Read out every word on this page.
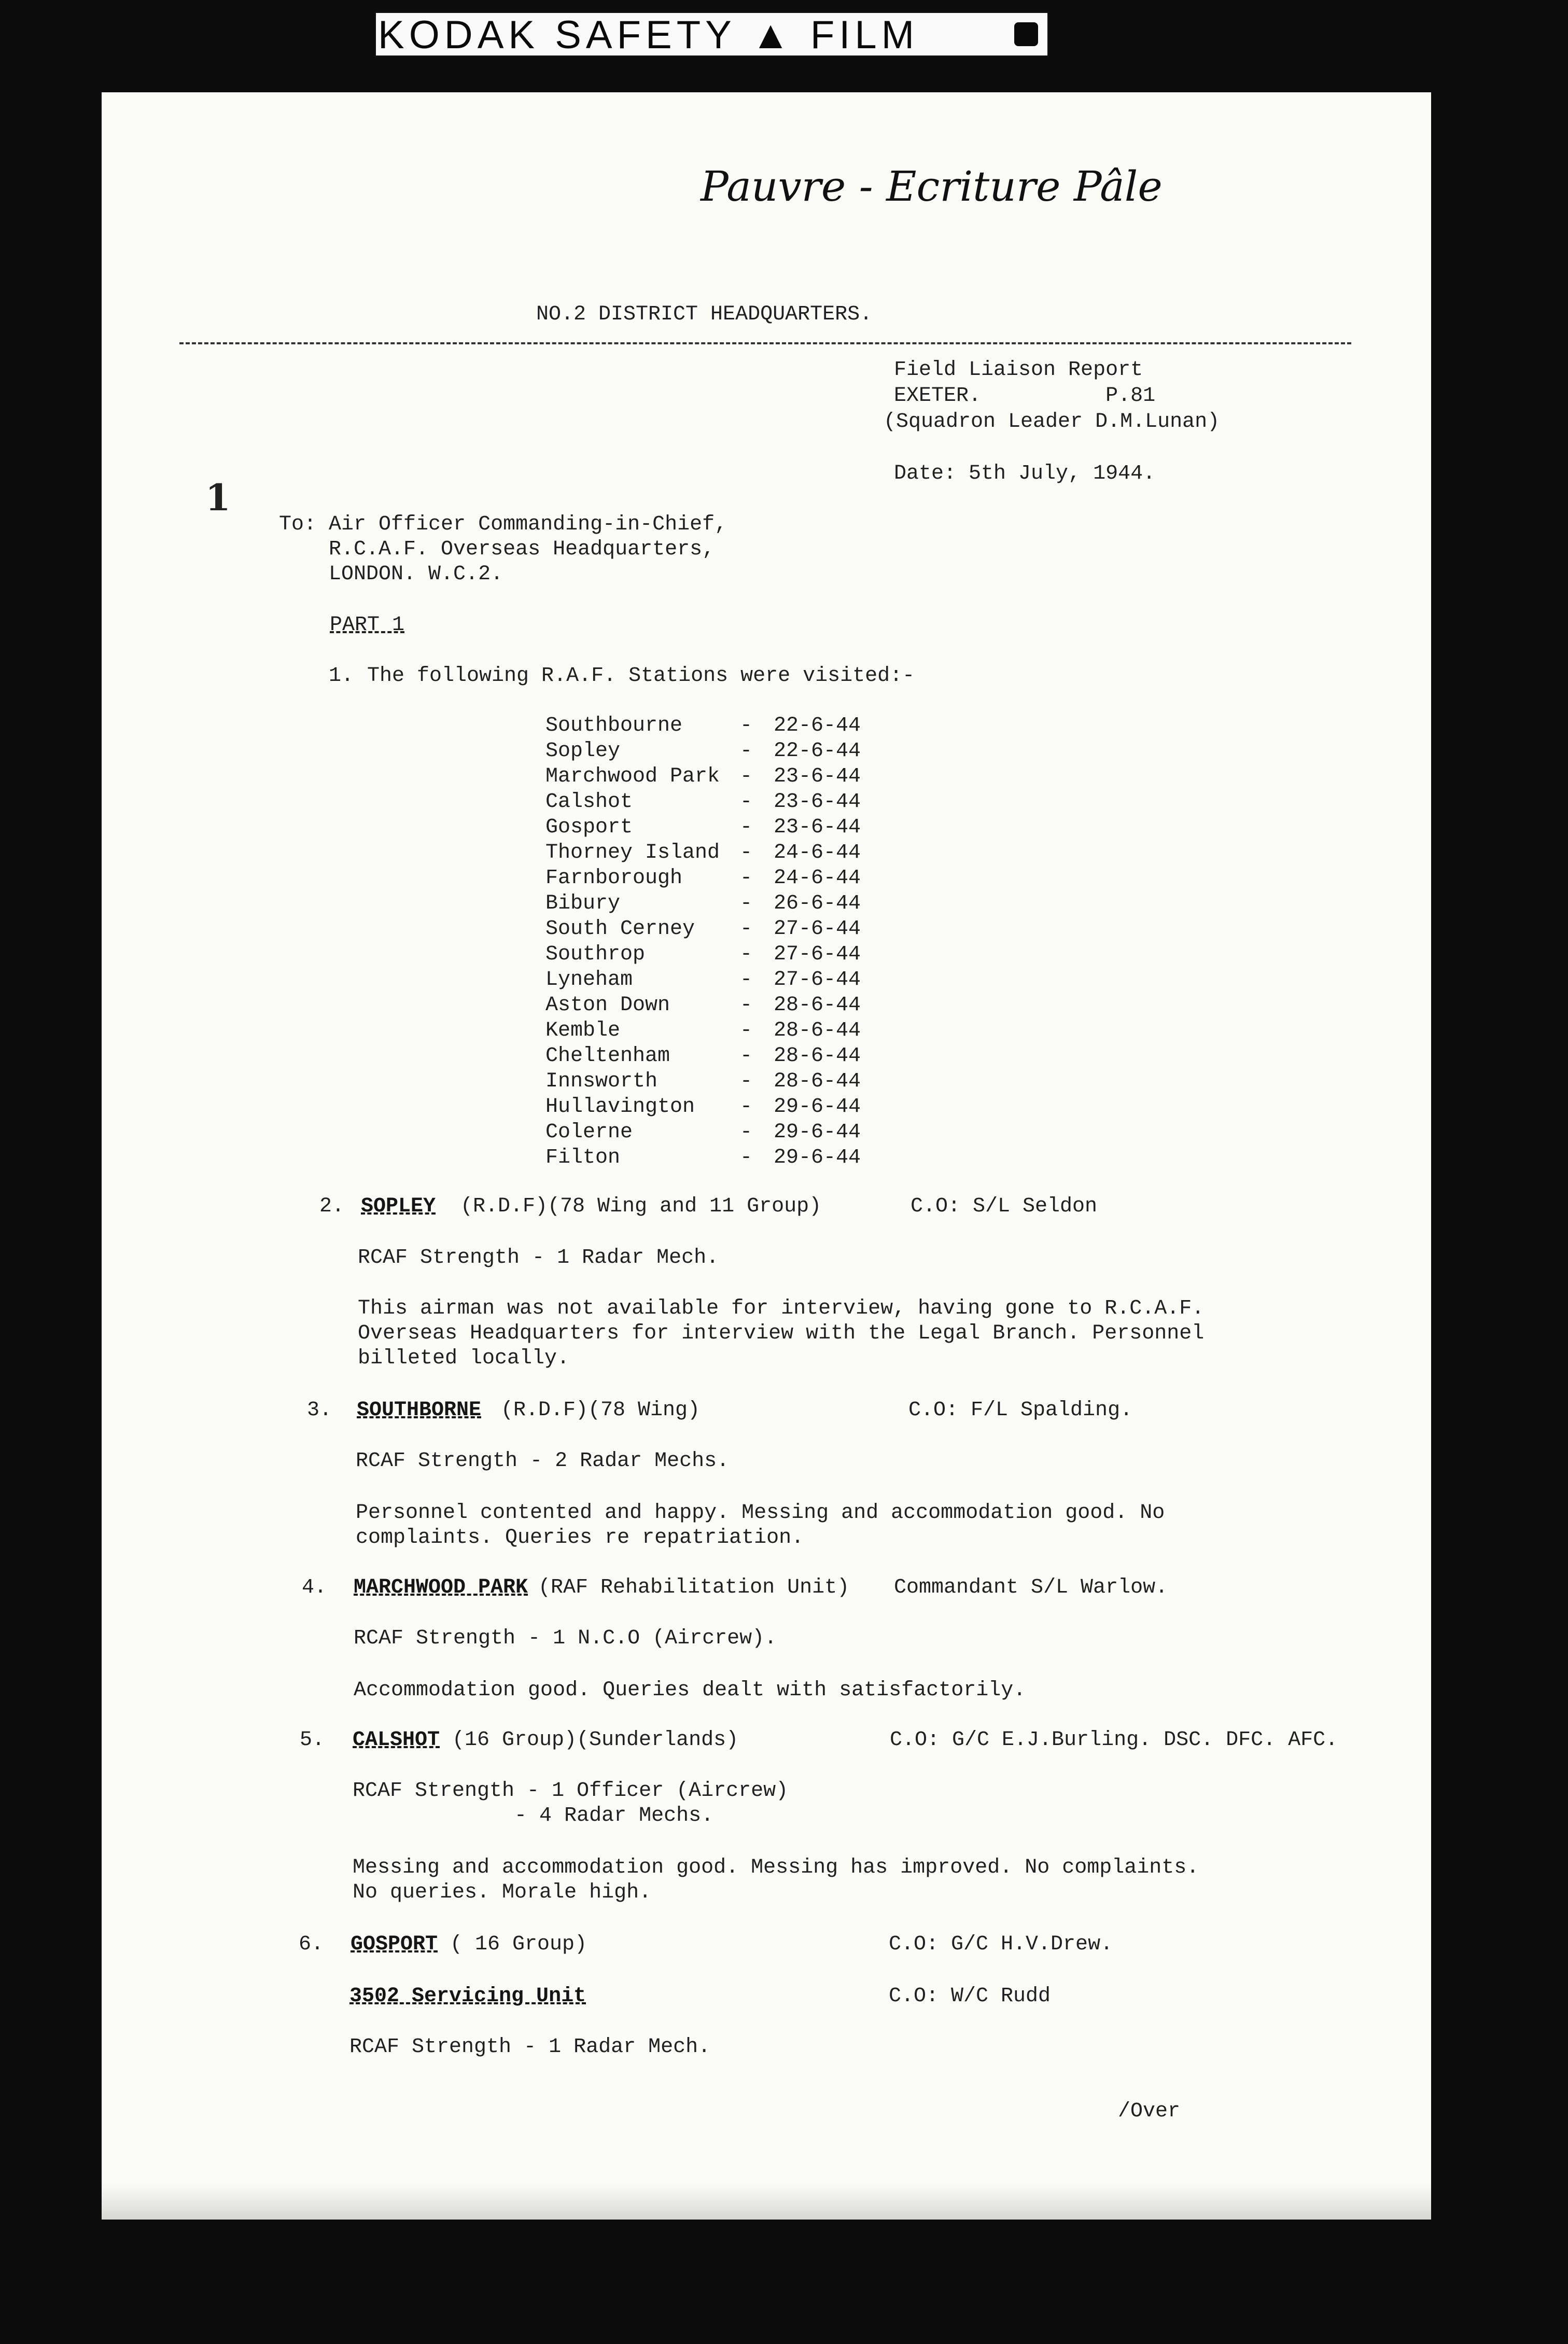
KODAK SAFETY ▲ FILM
Pauvre - Ecriture Pâle
NO.2 DISTRICT HEADQUARTERS.
1
Field Liaison Report
EXETER.          P.81
(Squadron Leader D.M.Lunan)
Date: 5th July, 1944.
To: Air Officer Commanding-in-Chief,
R.C.A.F. Overseas Headquarters,
LONDON. W.C.2.
PART 1
1. The following R.A.F. Stations were visited:-
Southbourne	- 22-6-44
Sopley	- 22-6-44
Marchwood Park - 23-6-44
Calshot	- 23-6-44
Gosport	- 23-6-44
Thorney Island - 24-6-44
Farnborough	- 24-6-44
Bibury	- 26-6-44
South Cerney - 27-6-44
Southrop	- 27-6-44
Lyneham	- 27-6-44
Aston Down	- 28-6-44
Kemble	- 28-6-44
Cheltenham	- 28-6-44
Innsworth	- 28-6-44
Hullavington - 29-6-44
Colerne	- 29-6-44
Filton	- 29-6-44
2. SOPLEY (R.D.F)(78 Wing and 11 Group)	C.O: S/L Seldon
RCAF Strength - 1 Radar Mech.
This airman was not available for interview, having gone to R.C.A.F.
Overseas Headquarters for interview with the Legal Branch. Personnel
billeted locally.
3. SOUTHBORNE (R.D.F)(78 Wing)	C.O: F/L Spalding.
RCAF Strength - 2 Radar Mechs.
Personnel contented and happy. Messing and accommodation good. No
complaints. Queries re repatriation.
4. MARCHWOOD PARK (RAF Rehabilitation Unit) Commandant S/L Warlow.
RCAF Strength - 1 N.C.O (Aircrew).
Accommodation good. Queries dealt with satisfactorily.
5. CALSHOT (16 Group)(Sunderlands)	C.O: G/C E.J.Burling. DSC. DFC. AFC.
RCAF Strength - 1 Officer (Aircrew)
- 4 Radar Mechs.
Messing and accommodation good. Messing has improved. No complaints.
No queries. Morale high.
6. GOSPORT ( 16 Group)	C.O: G/C H.V.Drew.
3502 Servicing Unit	C.O: W/C Rudd
RCAF Strength - 1 Radar Mech.
/Over
